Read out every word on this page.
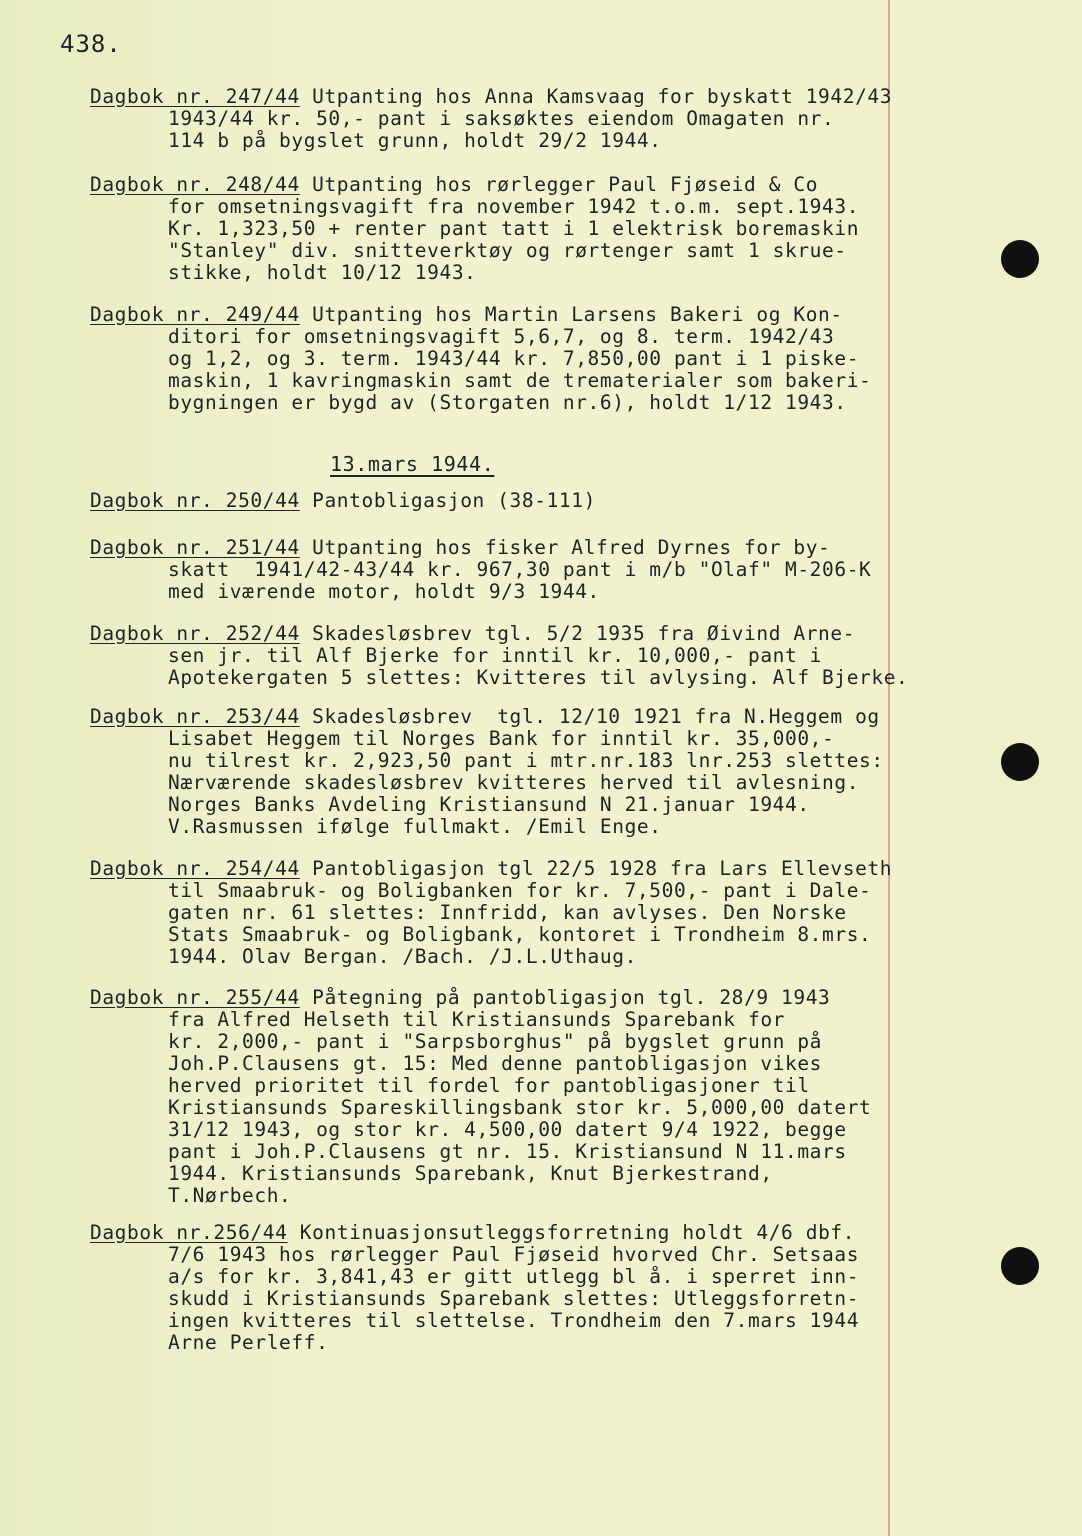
438.
13.mars 1944.
Dagbok nr. 247/44 Utpanting hos Anna Kamsvaag for byskatt 1942/43
1943/44 kr. 50,- pant i saksøktes eiendom Omagaten nr.
114 b på bygslet grunn, holdt 29/2 1944.
Dagbok nr. 248/44 Utpanting hos rørlegger Paul Fjøseid & Co
for omsetningsvagift fra november 1942 t.o.m. sept.1943.
Kr. 1,323,50 + renter pant tatt i 1 elektrisk boremaskin
"Stanley" div. snitteverktøy og rørtenger samt 1 skrue-
stikke, holdt 10/12 1943.
Dagbok nr. 249/44 Utpanting hos Martin Larsens Bakeri og Kon-
ditori for omsetningsvagift 5,6,7, og 8. term. 1942/43
og 1,2, og 3. term. 1943/44 kr. 7,850,00 pant i 1 piske-
maskin, 1 kavringmaskin samt de trematerialer som bakeri-
bygningen er bygd av (Storgaten nr.6), holdt 1/12 1943.
Dagbok nr. 250/44 Pantobligasjon (38-111)
Dagbok nr. 251/44 Utpanting hos fisker Alfred Dyrnes for by-
skatt  1941/42-43/44 kr. 967,30 pant i m/b "Olaf" M-206-K
med iværende motor, holdt 9/3 1944.
Dagbok nr. 252/44 Skadesløsbrev tgl. 5/2 1935 fra Øivind Arne-
sen jr. til Alf Bjerke for inntil kr. 10,000,- pant i
Apotekergaten 5 slettes: Kvitteres til avlysing. Alf Bjerke.
Dagbok nr. 253/44 Skadesløsbrev  tgl. 12/10 1921 fra N.Heggem og
Lisabet Heggem til Norges Bank for inntil kr. 35,000,-
nu tilrest kr. 2,923,50 pant i mtr.nr.183 lnr.253 slettes:
Nærværende skadesløsbrev kvitteres herved til avlesning.
Norges Banks Avdeling Kristiansund N 21.januar 1944.
V.Rasmussen ifølge fullmakt. /Emil Enge.
Dagbok nr. 254/44 Pantobligasjon tgl 22/5 1928 fra Lars Ellevseth
til Smaabruk- og Boligbanken for kr. 7,500,- pant i Dale-
gaten nr. 61 slettes: Innfridd, kan avlyses. Den Norske
Stats Smaabruk- og Boligbank, kontoret i Trondheim 8.mrs.
1944. Olav Bergan. /Bach. /J.L.Uthaug.
Dagbok nr. 255/44 Påtegning på pantobligasjon tgl. 28/9 1943
fra Alfred Helseth til Kristiansunds Sparebank for
kr. 2,000,- pant i "Sarpsborghus" på bygslet grunn på
Joh.P.Clausens gt. 15: Med denne pantobligasjon vikes
herved prioritet til fordel for pantobligasjoner til
Kristiansunds Spareskillingsbank stor kr. 5,000,00 datert
31/12 1943, og stor kr. 4,500,00 datert 9/4 1922, begge
pant i Joh.P.Clausens gt nr. 15. Kristiansund N 11.mars
1944. Kristiansunds Sparebank, Knut Bjerkestrand,
T.Nørbech.
Dagbok nr.256/44 Kontinuasjonsutleggsforretning holdt 4/6 dbf.
7/6 1943 hos rørlegger Paul Fjøseid hvorved Chr. Setsaas
a/s for kr. 3,841,43 er gitt utlegg bl å. i sperret inn-
skudd i Kristiansunds Sparebank slettes: Utleggsforretn-
ingen kvitteres til slettelse. Trondheim den 7.mars 1944
Arne Perleff.
